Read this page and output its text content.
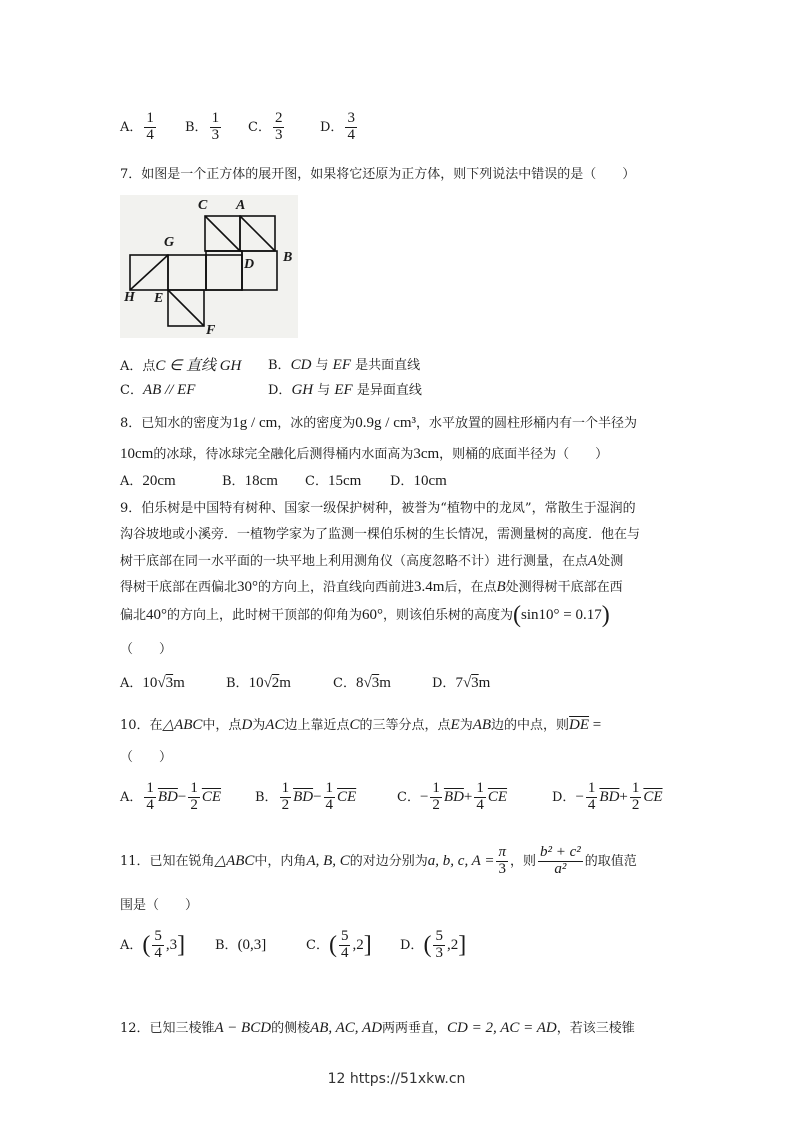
A． $\frac{1}{4}$ B． $\frac{1}{3}$ C． $\frac{2}{3}$	D． $\frac{3}{4}$
7．如图是一个正方体的展开图，如果将它还原为正方体，则下列说法中错误的是（　　）
C A
G
D B
H E
F
A．点C ∈ 直线 GH B．CD 与 EF 是共面直线
C．AB // EF	D．GH 与 EF 是异面直线
8．已知水的密度为1g / cm，冰的密度为0.9g / cm³，水平放置的圆柱形桶内有一个半径为
10cm的冰球，待冰球完全融化后测得桶内水面高为3cm，则桶的底面半径为（　　）
A．20cm	B．18cm C．15cm D．10cm
9．伯乐树是中国特有树种、国家一级保护树种，被誉为“植物中的龙凤”，常散生于湿润的
沟谷坡地或小溪旁．一植物学家为了监测一棵伯乐树的生长情况，需测量树的高度．他在与
树干底部在同一水平面的一块平地上利用测角仪（高度忽略不计）进行测量，在点A处测
得树干底部在西偏北30°的方向上，沿直线向西前进3.4m后，在点B处测得树干底部在西
偏北40°的方向上，此时树干顶部的仰角为60°，则该伯乐树的高度为(sin10° = 0.17)
（　　）
A．10√3m	B．10√2m	C．8√3m	D．7√3m
10．在△ABC中，点D为AC边上靠近点C的三等分点，点E为AB边的中点，则$\overline{DE}$ =
（　　）
A． $\frac{1}{4} \overline{BD}- \frac{1}{2} \overline{CE}$	B． $\frac{1}{2} \overline{BD}- \frac{1}{4} \overline{CE}$	C．− $\frac{1}{2} \overline{BD}+ \frac{1}{4} \overline{CE}$	D．− $\frac{1}{4} \overline{BD}+ \frac{1}{2} \overline{CE}$
11．已知在锐角△ABC中，内角A, B, C的对边分别为a, b, c, $A = \frac{\pi}{3}$ ，则 $\frac{\text{b² + c²}}{\text{a²}}$ 的取值范
围是（　　）
A．( $\frac{5}{4} ,3$] B．(0,3]	C．( $\frac{5}{4} ,2$] D．( $\frac{5}{3} ,2$]
12．已知三棱锥A − BCD的侧棱AB, AC, AD两两垂直，CD = 2, AC = AD，若该三棱锥
12 https://51xkw.cn
